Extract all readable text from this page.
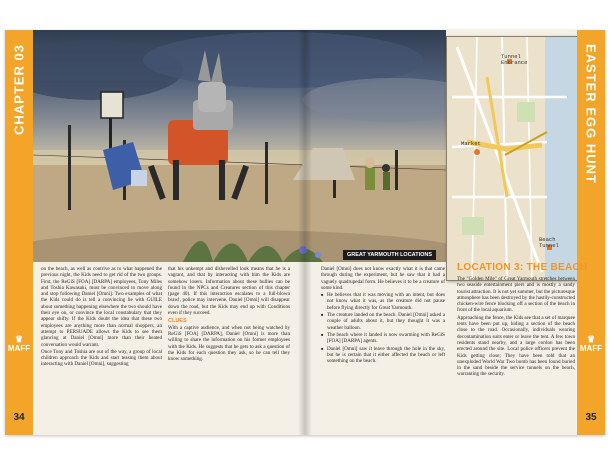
CHAPTER 03
♛
MAFF
34
Tunnel Entrance
Market
Beach Tunnel
GREAT YARMOUTH LOCATIONS
EASTER EGG HUNT
♛
MAFF
35

on the beach, as well as contrive as to what happened the previous night, the Kids need to get rid of the two groups. First, the ReGiS [FOA] [DARPA] employees, Tony Miles and Toshia Kawasaki, must be convinced to move along and stop following Daniel [Omni]. Two examples of what the Kids could do is tell a convincing lie with GUILE about something happening elsewhere the two should have their eye on, or convince the local constabulary that they appear shifty. If the Kids doubt the idea that these two employees are anything more than normal shoppers, an attempt to PERSUADE allows the Kids to see them glancing at Daniel [Omni] more than their heated conversation would warrant.

Once Tony and Toshia are out of the way, a group of local children approach the Kids and start teasing them about interacting with Daniel [Omni], suggesting

that his unkempt and dishevelled look means that he is a vagrant, and that by interacting with him the Kids are somehow losers. Information about these bullies can be found in the NPCs and Creatures section of this chapter (page 40). If this interaction escalates to a full-blown brawl, police may intervene. Daniel [Omni] will disappear down the road, but the Kids may end up with Conditions even if they succeed.

CLUES

With a captive audience, and when not being watched by ReGiS [FOA] [DARPA], Daniel [Omni] is more than willing to share the information on his former employees with the Kids. He suggests that he gets to ask a question of the Kids for each question they ask, so he can tell they know something.

Daniel [Omni] does not know exactly what it is that came through during the experiment, but he saw that it had a vaguely quadrupedal form. He believes it to be a creature of some kind.

■ He believes that it was moving with an intent, but does not know what it was, as the creature did not pause before flying directly for Great Yarmouth.
■ The creature landed on the beach. Daniel [Omni] asked a couple of adults about it, but they thought it was a weather balloon.
■ The beach where it landed is now swarming with ReGiS [FOA] [DARPA] agents.
■ Daniel [Omni] saw it leave through the hole in the sky, but he is certain that it either affected the beach or left something on the beach.
LOCATION 3: THE BEACH

The "Golden Mile" of Great Yarmouth stretches between two seaside entertainment piers and is mostly a sandy tourist attraction. It is not yet summer, but the picturesque atmosphere has been destroyed by the hastily-constructed chicken-wire fence blocking off a section of the beach in front of the local aquarium.

Approaching the fence, the Kids see that a set of marquee tents have been put up, hiding a section of the beach close to the road. Occasionally, individuals wearing decontamination suits enter or leave the tent. A few town residents stand nearby, and a large cordon has been erected around the site. Local police officers prevent the Kids getting close; They have been told that an unexploded World War Two bomb has been found buried in the sand beside the service tunnels on the beach, warranting the security.
